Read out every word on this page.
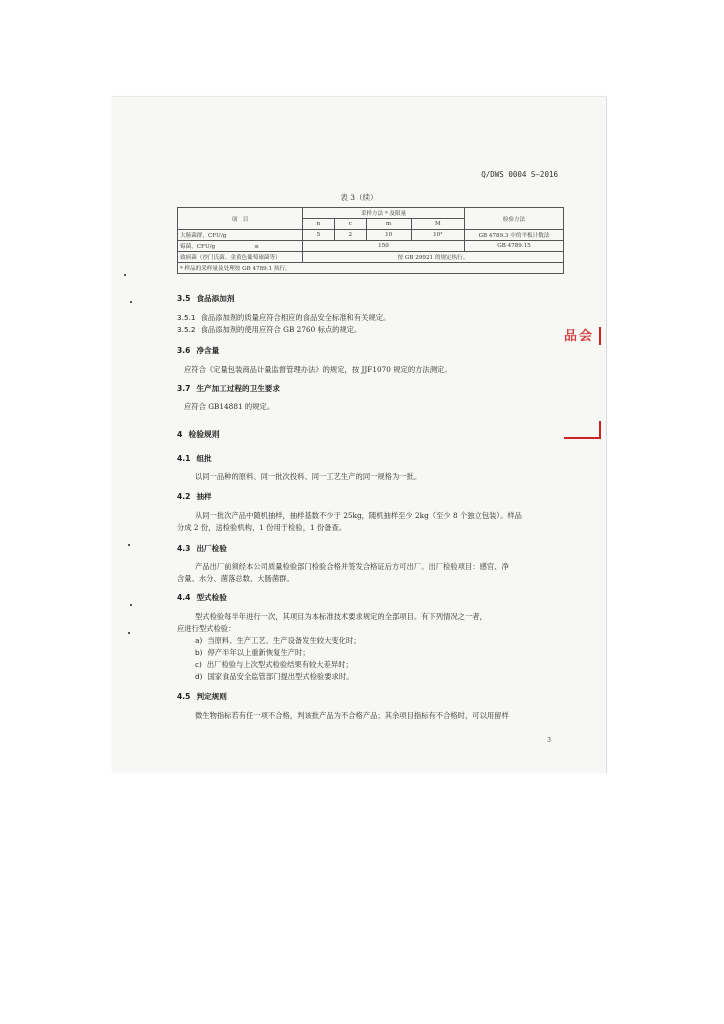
Q/DWS 0004 S—2016
表 3（续）
项　目	采样方法 ª 及限量				检验方法
	n	c	m	M	
大肠菌群，CFU/g	5	2	10	10²	GB 4789.3 中的平板计数法
霉菌，CFU/g　　　　　　　≤	150				GB 4789.15
致病菌（沙门氏菌、金黄色葡萄球菌等）	按 GB 29921 的规定执行。				
ª 样品的采样量及处理按 GB 4789.1 执行。					
3.5 食品添加剂
3.5.1 食品添加剂的质量应符合相应的食品安全标准和有关规定。
3.5.2 食品添加剂的使用应符合 GB 2760 标点的规定。
3.6 净含量
应符合《定量包装商品计量监督管理办法》的规定，按 JJF1070 规定的方法测定。
3.7 生产加工过程的卫生要求
应符合 GB14881 的规定。
4 检验规则
4.1 组批
以同一品种的原料、同一批次投料、同一工艺生产的同一规格为一批。
4.2 抽样
从同一批次产品中随机抽样，抽样基数不少于 25kg，随机抽样至少 2kg（至少 8 个独立包装）。样品
分成 2 份，送检验机构，1 份用于检验，1 份备查。
4.3 出厂检验
产品出厂前须经本公司质量检验部门检验合格并签发合格证后方可出厂。出厂检验项目：感官、净
含量、水分、菌落总数、大肠菌群。
4.4 型式检验
型式检验每半年进行一次，其项目为本标准技术要求规定的全部项目。有下列情况之一者，
应进行型式检验：
a) 当原料、生产工艺、生产设备发生较大变化时；
b) 停产半年以上重新恢复生产时；
c) 出厂检验与上次型式检验结果有较大差异时；
d) 国家食品安全监管部门提出型式检验要求时。
4.5 判定规则
微生物指标若有任一项不合格，判该批产品为不合格产品；其余项目指标有不合格时，可以用留样
3
品会
